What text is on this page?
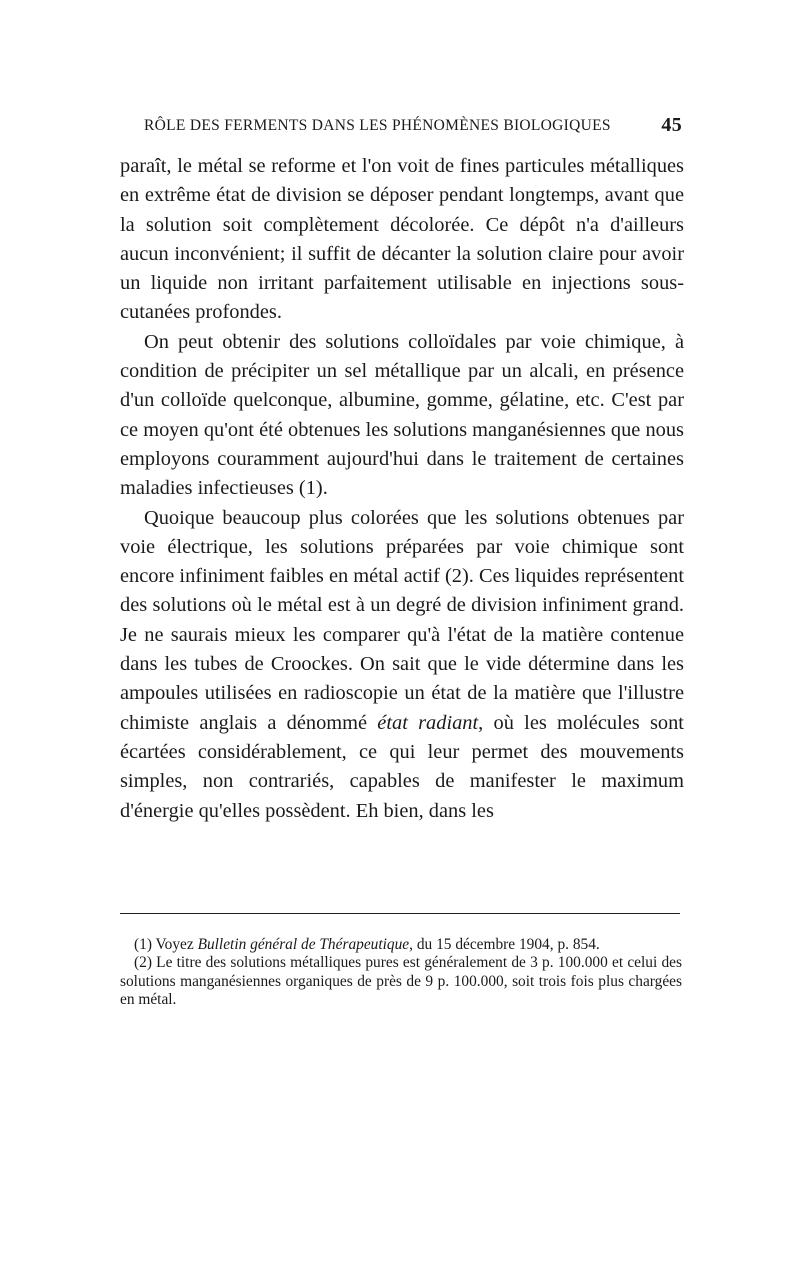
RÔLE DES FERMENTS DANS LES PHÉNOMÈNES BIOLOGIQUES	45

paraît, le métal se reforme et l'on voit de fines particules métalliques en extrême état de division se déposer pendant longtemps, avant que la solution soit complètement décolorée. Ce dépôt n'a d'ailleurs aucun inconvénient; il suffit de décanter la solution claire pour avoir un liquide non irritant parfaitement utilisable en injections sous-cutanées profondes.

On peut obtenir des solutions colloïdales par voie chimique, à condition de précipiter un sel métallique par un alcali, en présence d'un colloïde quelconque, albumine, gomme, gélatine, etc. C'est par ce moyen qu'ont été obtenues les solutions manganésiennes que nous employons couramment aujourd'hui dans le traitement de certaines maladies infectieuses (1).

Quoique beaucoup plus colorées que les solutions obtenues par voie électrique, les solutions préparées par voie chimique sont encore infiniment faibles en métal actif (2). Ces liquides représentent des solutions où le métal est à un degré de division infiniment grand. Je ne saurais mieux les comparer qu'à l'état de la matière contenue dans les tubes de Croockes. On sait que le vide détermine dans les ampoules utilisées en radioscopie un état de la matière que l'illustre chimiste anglais a dénommé état radiant, où les molécules sont écartées considérablement, ce qui leur permet des mouvements simples, non contrariés, capables de manifester le maximum d'énergie qu'elles possèdent. Eh bien, dans les

(1) Voyez Bulletin général de Thérapeutique, du 15 décembre 1904, p. 854.

(2) Le titre des solutions métalliques pures est généralement de 3 p. 100.000 et celui des solutions manganésiennes organiques de près de 9 p. 100.000, soit trois fois plus chargées en métal.
